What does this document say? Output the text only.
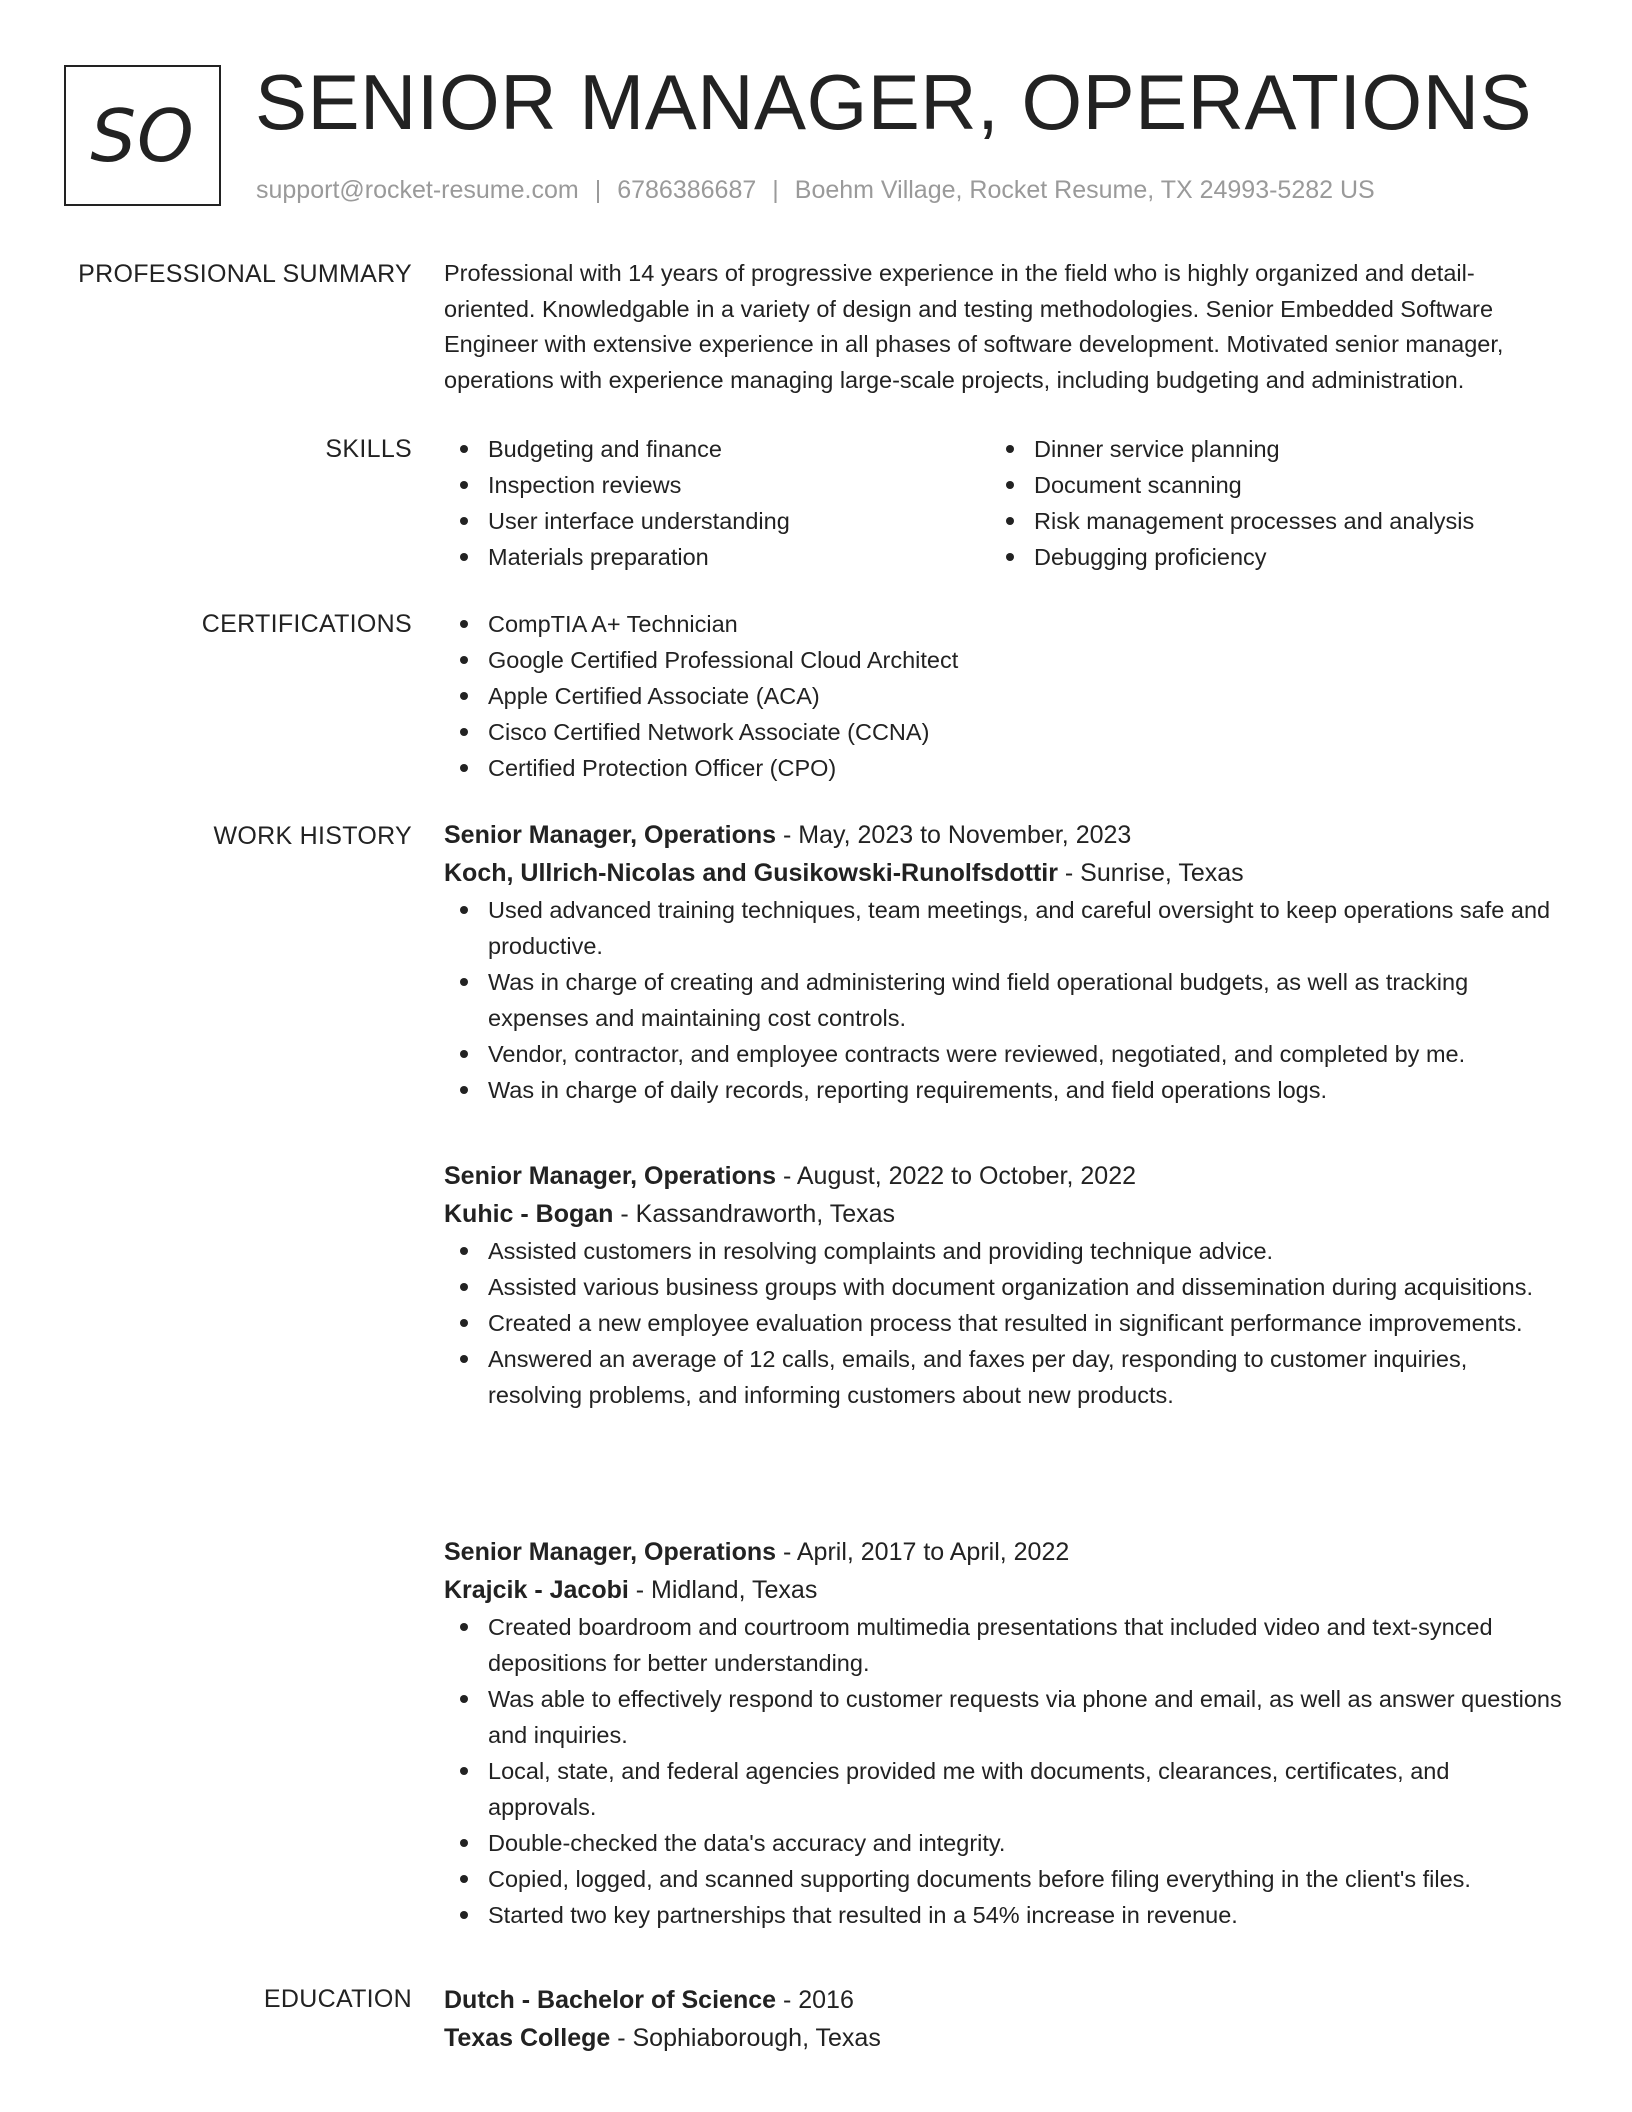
SO SENIOR MANAGER, OPERATIONS
support@rocket-resume.com | 6786386687 | Boehm Village, Rocket Resume, TX 24993-5282 US
PROFESSIONAL SUMMARY Professional with 14 years of progressive experience in the field who is highly organized and detail-oriented. Knowledgable in a variety of design and testing methodologies. Senior Embedded Software Engineer with extensive experience in all phases of software development. Motivated senior manager, operations with experience managing large-scale projects, including budgeting and administration.
SKILLS	Budgeting and finance
Inspection reviews
User interface understanding
Materials preparation
Dinner service planning
Document scanning
Risk management processes and analysis
Debugging proficiency
CERTIFICATIONS	CompTIA A+ Technician
Google Certified Professional Cloud Architect
Apple Certified Associate (ACA)
Cisco Certified Network Associate (CCNA)
Certified Protection Officer (CPO)
WORK HISTORY Senior Manager, Operations - May, 2023 to November, 2023
Koch, Ullrich-Nicolas and Gusikowski-Runolfsdottir - Sunrise, Texas
Used advanced training techniques, team meetings, and careful oversight to keep operations safe and productive.
Was in charge of creating and administering wind field operational budgets, as well as tracking expenses and maintaining cost controls.
Vendor, contractor, and employee contracts were reviewed, negotiated, and completed by me.
Was in charge of daily records, reporting requirements, and field operations logs.
Senior Manager, Operations - August, 2022 to October, 2022
Kuhic - Bogan - Kassandraworth, Texas
Assisted customers in resolving complaints and providing technique advice.
Assisted various business groups with document organization and dissemination during acquisitions.
Created a new employee evaluation process that resulted in significant performance improvements.
Answered an average of 12 calls, emails, and faxes per day, responding to customer inquiries, resolving problems, and informing customers about new products.
Senior Manager, Operations - April, 2017 to April, 2022
Krajcik - Jacobi - Midland, Texas
Created boardroom and courtroom multimedia presentations that included video and text-synced depositions for better understanding.
Was able to effectively respond to customer requests via phone and email, as well as answer questions and inquiries.
Local, state, and federal agencies provided me with documents, clearances, certificates, and approvals.
Double-checked the data's accuracy and integrity.
Copied, logged, and scanned supporting documents before filing everything in the client's files.
Started two key partnerships that resulted in a 54% increase in revenue.
EDUCATION Dutch - Bachelor of Science - 2016
Texas College - Sophiaborough, Texas
